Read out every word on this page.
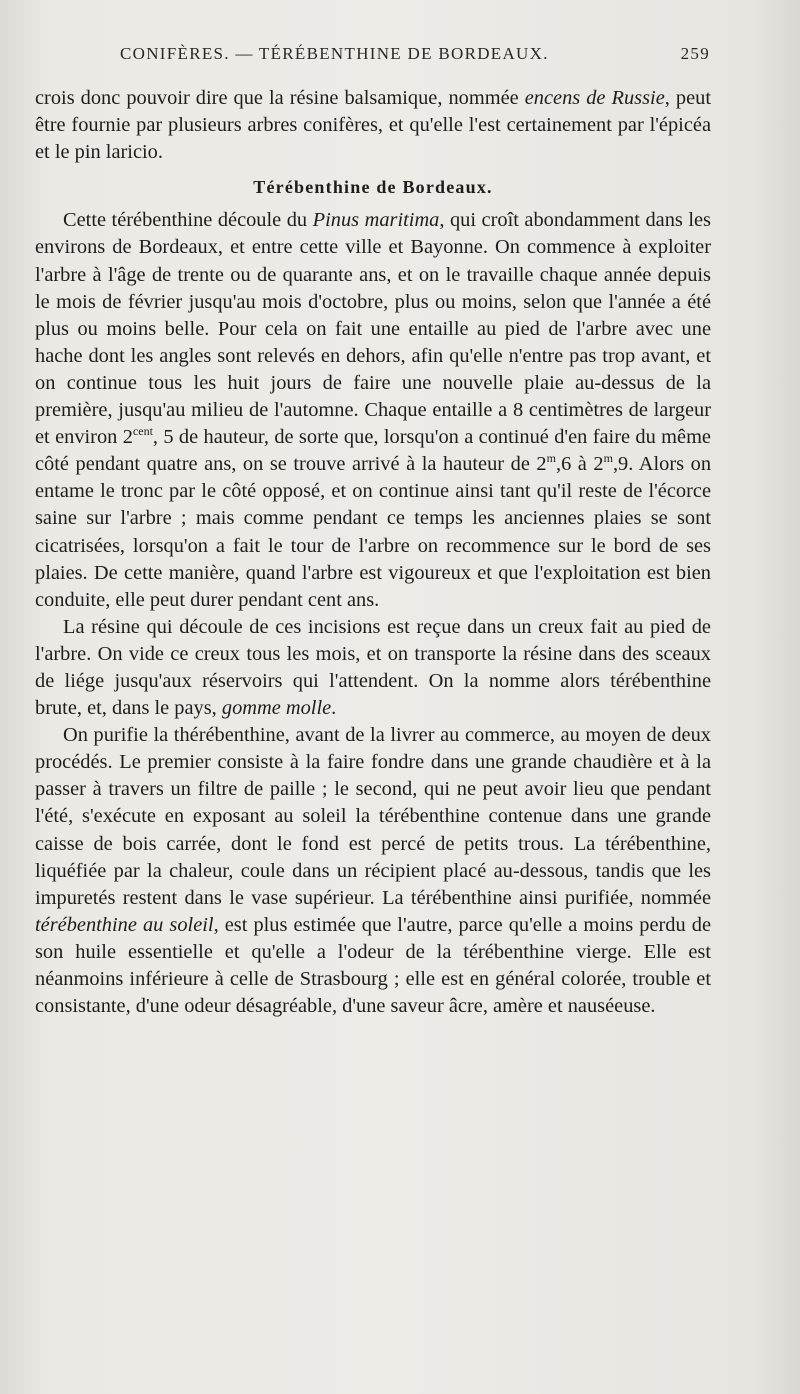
CONIFÈRES. — TÉRÉBENTHINE DE BORDEAUX.	259

crois donc pouvoir dire que la résine balsamique, nommée encens de Russie, peut être fournie par plusieurs arbres conifères, et qu'elle l'est certainement par l'épicéa et le pin laricio.

Térébenthine de Bordeaux.

Cette térébenthine découle du Pinus maritima, qui croît abondamment dans les environs de Bordeaux, et entre cette ville et Bayonne. On commence à exploiter l'arbre à l'âge de trente ou de quarante ans, et on le travaille chaque année depuis le mois de février jusqu'au mois d'octobre, plus ou moins, selon que l'année a été plus ou moins belle. Pour cela on fait une entaille au pied de l'arbre avec une hache dont les angles sont relevés en dehors, afin qu'elle n'entre pas trop avant, et on continue tous les huit jours de faire une nouvelle plaie au-dessus de la première, jusqu'au milieu de l'automne. Chaque entaille a 8 centimètres de largeur et environ $2^{cent}$, 5 de hauteur, de sorte que, lorsqu'on a continué d'en faire du même côté pendant quatre ans, on se trouve arrivé à la hauteur de 2$^m$,6 à 2$^m$,9. Alors on entame le tronc par le côté opposé, et on continue ainsi tant qu'il reste de l'écorce saine sur l'arbre ; mais comme pendant ce temps les anciennes plaies se sont cicatrisées, lorsqu'on a fait le tour de l'arbre on recommence sur le bord de ses plaies. De cette manière, quand l'arbre est vigoureux et que l'exploitation est bien conduite, elle peut durer pendant cent ans.

La résine qui découle de ces incisions est reçue dans un creux fait au pied de l'arbre. On vide ce creux tous les mois, et on transporte la résine dans des sceaux de liége jusqu'aux réservoirs qui l'attendent. On la nomme alors térébenthine brute, et, dans le pays, gomme molle.

On purifie la thérébenthine, avant de la livrer au commerce, au moyen de deux procédés. Le premier consiste à la faire fondre dans une grande chaudière et à la passer à travers un filtre de paille ; le second, qui ne peut avoir lieu que pendant l'été, s'exécute en exposant au soleil la térébenthine contenue dans une grande caisse de bois carrée, dont le fond est percé de petits trous. La térébenthine, liquéfiée par la chaleur, coule dans un récipient placé au-dessous, tandis que les impuretés restent dans le vase supérieur. La térébenthine ainsi purifiée, nommée térébenthine au soleil, est plus estimée que l'autre, parce qu'elle a moins perdu de son huile essentielle et qu'elle a l'odeur de la térébenthine vierge. Elle est néanmoins inférieure à celle de Strasbourg ; elle est en général colorée, trouble et consistante, d'une odeur désagréable, d'une saveur âcre, amère et nauséeuse.
